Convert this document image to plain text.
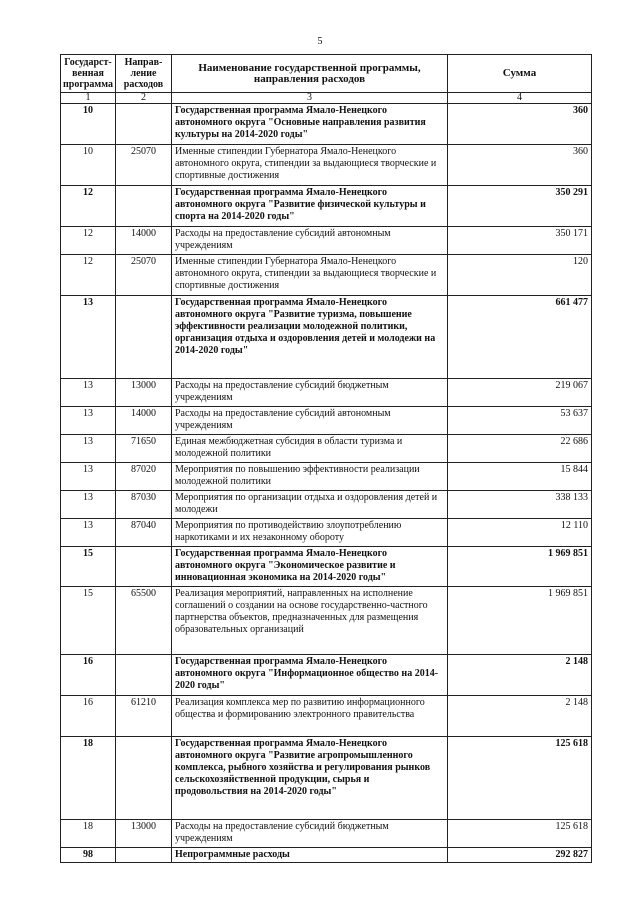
5
Государст-венная программа	Направ-ление расходов	Наименование государственной программы, направления расходов	Сумма
1	2	3	4
10		Государственная программа Ямало-Ненецкого автономного округа "Основные направления развития культуры на 2014-2020 годы"	360
10	25070	Именные стипендии Губернатора Ямало-Ненецкого автономного округа, стипендии за выдающиеся творческие и спортивные достижения	360
12		Государственная программа Ямало-Ненецкого автономного округа "Развитие физической культуры и спорта на 2014-2020 годы"	350 291
12	14000	Расходы на предоставление субсидий автономным учреждениям	350 171
12	25070	Именные стипендии Губернатора Ямало-Ненецкого автономного округа, стипендии за выдающиеся творческие и спортивные достижения	120
13		Государственная программа Ямало-Ненецкого автономного округа "Развитие туризма, повышение эффективности реализации молодежной политики, организация отдыха и оздоровления детей и молодежи на 2014-2020 годы"	661 477
13	13000	Расходы на предоставление субсидий бюджетным учреждениям	219 067
13	14000	Расходы на предоставление субсидий автономным учреждениям	53 637
13	71650	Единая межбюджетная субсидия в области туризма и молодежной политики	22 686
13	87020	Мероприятия по повышению эффективности реализации молодежной политики	15 844
13	87030	Мероприятия по организации отдыха и оздоровления детей и молодежи	338 133
13	87040	Мероприятия по противодействию злоупотреблению наркотиками и их незаконному обороту	12 110
15		Государственная программа Ямало-Ненецкого автономного округа "Экономическое развитие и инновационная экономика на 2014-2020 годы"	1 969 851
15	65500	Реализация мероприятий, направленных на исполнение соглашений о создании на основе государственно-частного партнерства объектов, предназначенных для размещения образовательных организаций	1 969 851
16		Государственная программа Ямало-Ненецкого автономного округа "Информационное общество на 2014-2020 годы"	2 148
16	61210	Реализация комплекса мер по развитию информационного общества и формированию электронного правительства	2 148
18		Государственная программа Ямало-Ненецкого автономного округа "Развитие агропромышленного комплекса, рыбного хозяйства и регулирования рынков сельскохозяйственной продукции, сырья и продовольствия на 2014-2020 годы"	125 618
18	13000	Расходы на предоставление субсидий бюджетным учреждениям	125 618
98		Непрограммные расходы	292 827
